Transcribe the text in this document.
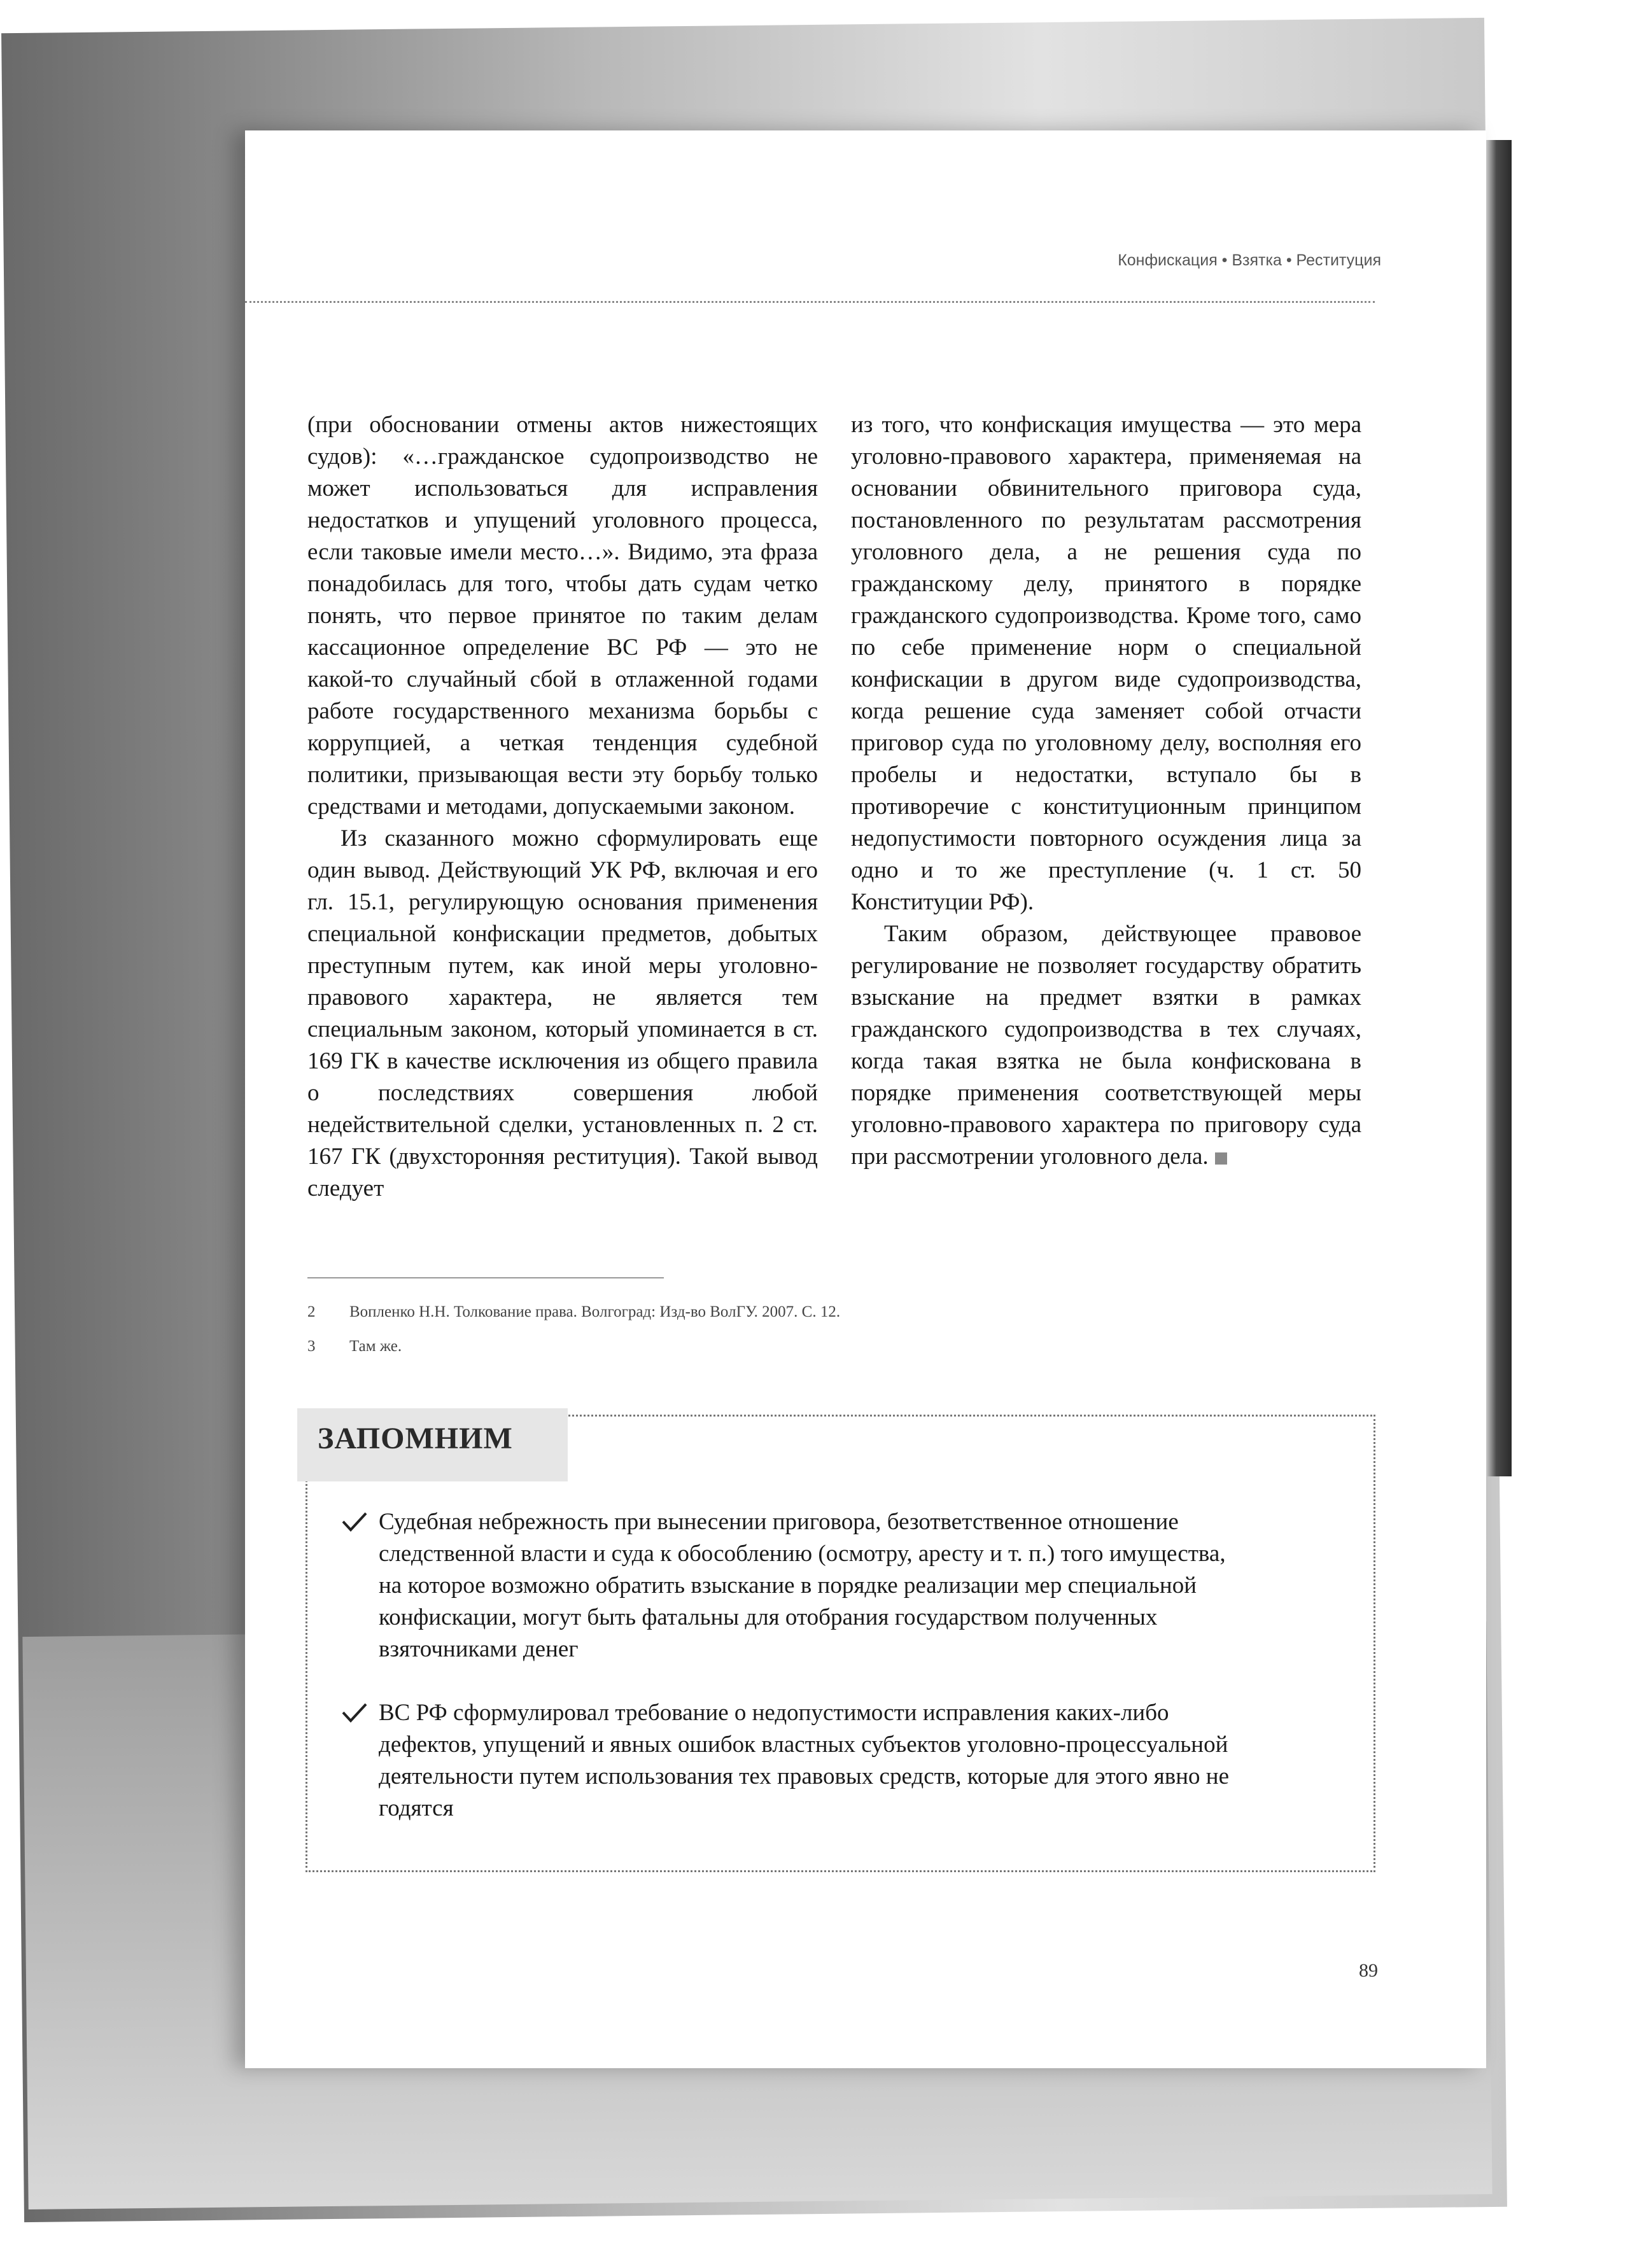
Конфискация • Взятка • Реституция

(при обосновании отмены актов нижестоящих судов): «…гражданское судопроизводство не может использоваться для исправления недостатков и упущений уголовного процесса, если таковые имели место…». Видимо, эта фраза понадобилась для того, чтобы дать судам четко понять, что первое принятое по таким делам кассационное определение ВС РФ — это не какой-то случайный сбой в отлаженной годами работе государственного механизма борьбы с коррупцией, а четкая тенденция судебной политики, призывающая вести эту борьбу только средствами и методами, допускаемыми законом.

Из сказанного можно сформулировать еще один вывод. Действующий УК РФ, включая и его гл. 15.1, регулирующую основания применения специальной конфискации предметов, добытых преступным путем, как иной меры уголовно-правового характера, не является тем специальным законом, который упоминается в ст. 169 ГК в качестве исключения из общего правила о последствиях совершения любой недействительной сделки, установленных п. 2 ст. 167 ГК (двухсторонняя реституция). Такой вывод следует

из того, что конфискация имущества — это мера уголовно-правового характера, применяемая на основании обвинительного приговора суда, постановленного по результатам рассмотрения уголовного дела, а не решения суда по гражданскому делу, принятого в порядке гражданского судопроизводства. Кроме того, само по себе применение норм о специальной конфискации в другом виде судопроизводства, когда решение суда заменяет собой отчасти приговор суда по уголовному делу, восполняя его пробелы и недостатки, вступало бы в противоречие с конституционным принципом недопустимости повторного осуждения лица за одно и то же преступление (ч. 1 ст. 50 Конституции РФ).

Таким образом, действующее правовое регулирование не позволяет государству обратить взыскание на предмет взятки в рамках гражданского судопроизводства в тех случаях, когда такая взятка не была конфискована в порядке применения соответствующей меры уголовно-правового характера по приговору суда при рассмотрении уголовного дела.

2	Вопленко Н.Н. Толкование права. Волгоград: Изд-во ВолГУ. 2007. С. 12.
3	Там же.
ЗАПОМНИМ
Судебная небрежность при вынесении приговора, безответственное отношение следственной власти и суда к обособлению (осмотру, аресту и т. п.) того имущества, на которое возможно обратить взыскание в порядке реализации мер специальной конфискации, могут быть фатальны для отобрания государством полученных взяточниками денег
ВС РФ сформулировал требование о недопустимости исправления каких-либо дефектов, упущений и явных ошибок властных субъектов уголовно-процессуальной деятельности путем использования тех правовых средств, которые для этого явно не годятся
89
